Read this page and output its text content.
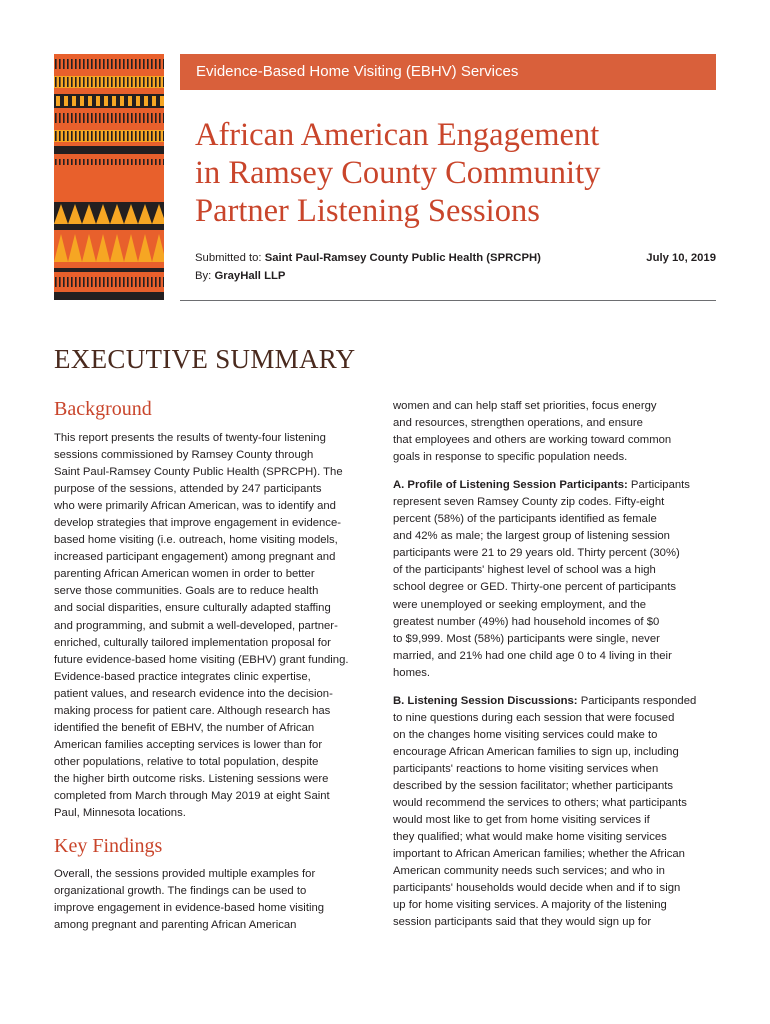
Evidence-Based Home Visiting (EBHV) Services
African American Engagement
in Ramsey County Community
Partner Listening Sessions
Submitted to: Saint Paul-Ramsey County Public Health (SPRCPH)
By: GrayHall LLP
July 10, 2019
EXECUTIVE SUMMARY
Background
This report presents the results of twenty-four listening
sessions commissioned by Ramsey County through
Saint Paul-Ramsey County Public Health (SPRCPH). The
purpose of the sessions, attended by 247 participants
who were primarily African American, was to identify and
develop strategies that improve engagement in evidence-
based home visiting (i.e. outreach, home visiting models,
increased participant engagement) among pregnant and
parenting African American women in order to better
serve those communities. Goals are to reduce health
and social disparities, ensure culturally adapted staffing
and programming, and submit a well-developed, partner-
enriched, culturally tailored implementation proposal for
future evidence-based home visiting (EBHV) grant funding.
Evidence-based practice integrates clinic expertise,
patient values, and research evidence into the decision-
making process for patient care. Although research has
identified the benefit of EBHV, the number of African
American families accepting services is lower than for
other populations, relative to total population, despite
the higher birth outcome risks. Listening sessions were
completed from March through May 2019 at eight Saint
Paul, Minnesota locations.
Key Findings
Overall, the sessions provided multiple examples for
organizational growth. The findings can be used to
improve engagement in evidence-based home visiting
among pregnant and parenting African American
women and can help staff set priorities, focus energy
and resources, strengthen operations, and ensure
that employees and others are working toward common
goals in response to specific population needs.
A. Profile of Listening Session Participants: Participants
represent seven Ramsey County zip codes. Fifty-eight
percent (58%) of the participants identified as female
and 42% as male; the largest group of listening session
participants were 21 to 29 years old. Thirty percent (30%)
of the participants' highest level of school was a high
school degree or GED. Thirty-one percent of participants
were unemployed or seeking employment, and the
greatest number (49%) had household incomes of $0
to $9,999. Most (58%) participants were single, never
married, and 21% had one child age 0 to 4 living in their
homes.
B. Listening Session Discussions: Participants responded
to nine questions during each session that were focused
on the changes home visiting services could make to
encourage African American families to sign up, including
participants' reactions to home visiting services when
described by the session facilitator; whether participants
would recommend the services to others; what participants
would most like to get from home visiting services if
they qualified; what would make home visiting services
important to African American families; whether the African
American community needs such services; and who in
participants' households would decide when and if to sign
up for home visiting services. A majority of the listening
session participants said that they would sign up for
